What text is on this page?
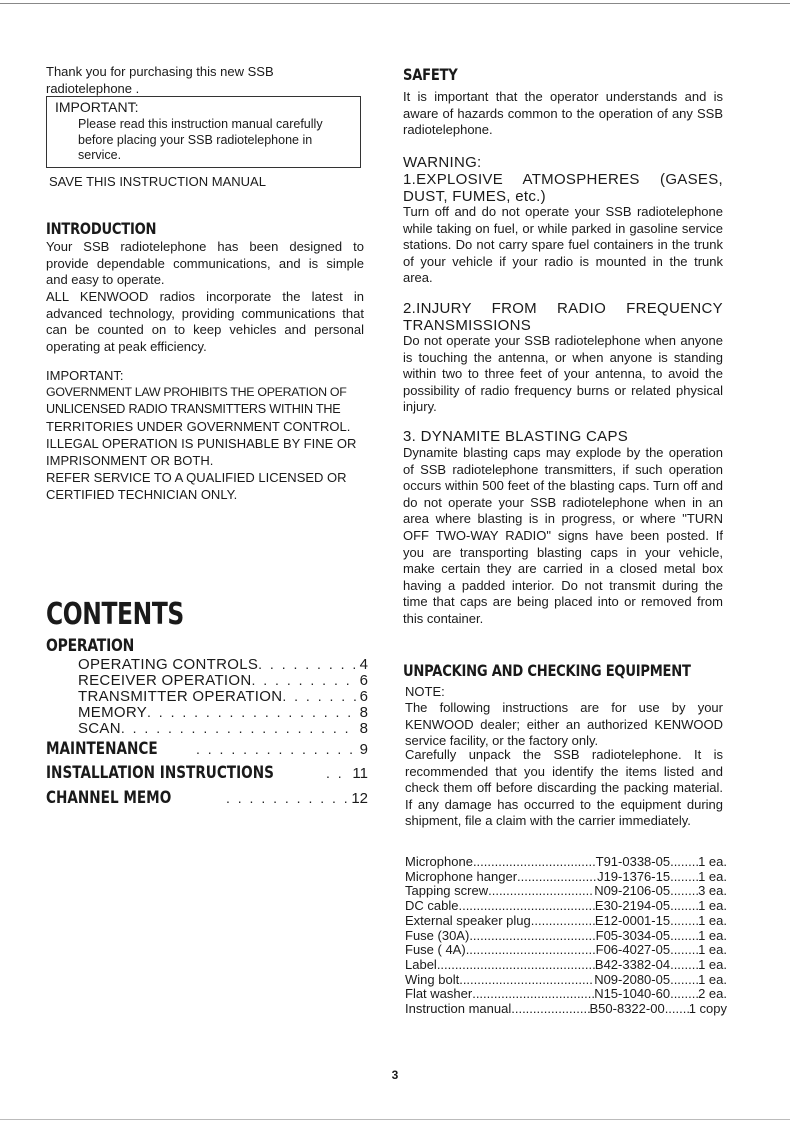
Thank you for purchasing this new SSB radiotelephone .

IMPORTANT:
Please read this instruction manual carefully before placing your SSB radiotelephone in service.

SAVE THIS INSTRUCTION MANUAL

INTRODUCTION

Your SSB radiotelephone has been designed to provide dependable communications, and is simple and easy to operate.

ALL KENWOOD radios incorporate the latest in advanced technology, providing communications that can be counted on to keep vehicles and personal operating at peak efficiency.

IMPORTANT:

GOVERNMENT LAW PROHIBITS THE OPERATION OF

UNLICENSED RADIO TRANSMITTERS WITHIN THE

TERRITORIES UNDER GOVERNMENT CONTROL.

ILLEGAL OPERATION IS PUNISHABLE BY FINE OR

IMPRISONMENT OR BOTH.

REFER SERVICE TO A QUALIFIED LICENSED OR

CERTIFIED TECHNICIAN ONLY.

CONTENTS

OPERATION

OPERATING CONTROLS . . .	4
RECEIVER OPERATION . . .	6
TRANSMITTER OPERATION . . .	6
MEMORY . . .	8
SCAN . . .	8
MAINTENANCE . . .	9
INSTALLATION INSTRUCTIONS . . .	11
CHANNEL MEMO . . .	12

SAFETY

It is important that the operator understands and is aware of hazards common to the operation of any SSB radiotelephone.

WARNING:

1.EXPLOSIVE ATMOSPHERES (GASES, DUST, FUMES, etc.)

Turn off and do not operate your SSB radiotelephone while taking on fuel, or while parked in gasoline service stations. Do not carry spare fuel containers in the trunk of your vehicle if your radio is mounted in the trunk area.

2.INJURY FROM RADIO FREQUENCY TRANSMISSIONS

Do not operate your SSB radiotelephone when anyone is touching the antenna, or when anyone is standing within two to three feet of your antenna, to avoid the possibility of radio frequency burns or related physical injury.

3. DYNAMITE BLASTING CAPS

Dynamite blasting caps may explode by the operation of SSB radiotelephone transmitters, if such operation occurs within 500 feet of the blasting caps. Turn off and do not operate your SSB radiotelephone when in an area where blasting is in progress, or where "TURN OFF TWO-WAY RADIO" signs have been posted. If you are transporting blasting caps in your vehicle, make certain they are carried in a closed metal box having a padded interior. Do not transmit during the time that caps are being placed into or removed from this container.

UNPACKING AND CHECKING EQUIPMENT

NOTE:

The following instructions are for use by your KENWOOD dealer; either an authorized KENWOOD service facility, or the factory only.

Carefully unpack the SSB radiotelephone. It is recommended that you identify the items listed and check them off before discarding the packing material. If any damage has occurred to the equipment during shipment, file a claim with the carrier immediately.

Microphone .....	T91-0338-05 ..... 1 ea.
Microphone hanger .....	J19-1376-15 ..... 1 ea.
Tapping screw .....	N09-2106-05 ..... 3 ea.
DC cable .....	E30-2194-05 ..... 1 ea.
External speaker plug .....	E12-0001-15 ..... 1 ea.
Fuse (30A) .....	F05-3034-05 ..... 1 ea.
Fuse ( 4A) .....	F06-4027-05 ..... 1 ea.
Label .....	B42-3382-04 ..... 1 ea.
Wing bolt .....	N09-2080-05 ..... 1 ea.
Flat washer .....	N15-1040-60 ..... 2 ea.
Instruction manual .....	B50-8322-00 ..... 1 copy
3
